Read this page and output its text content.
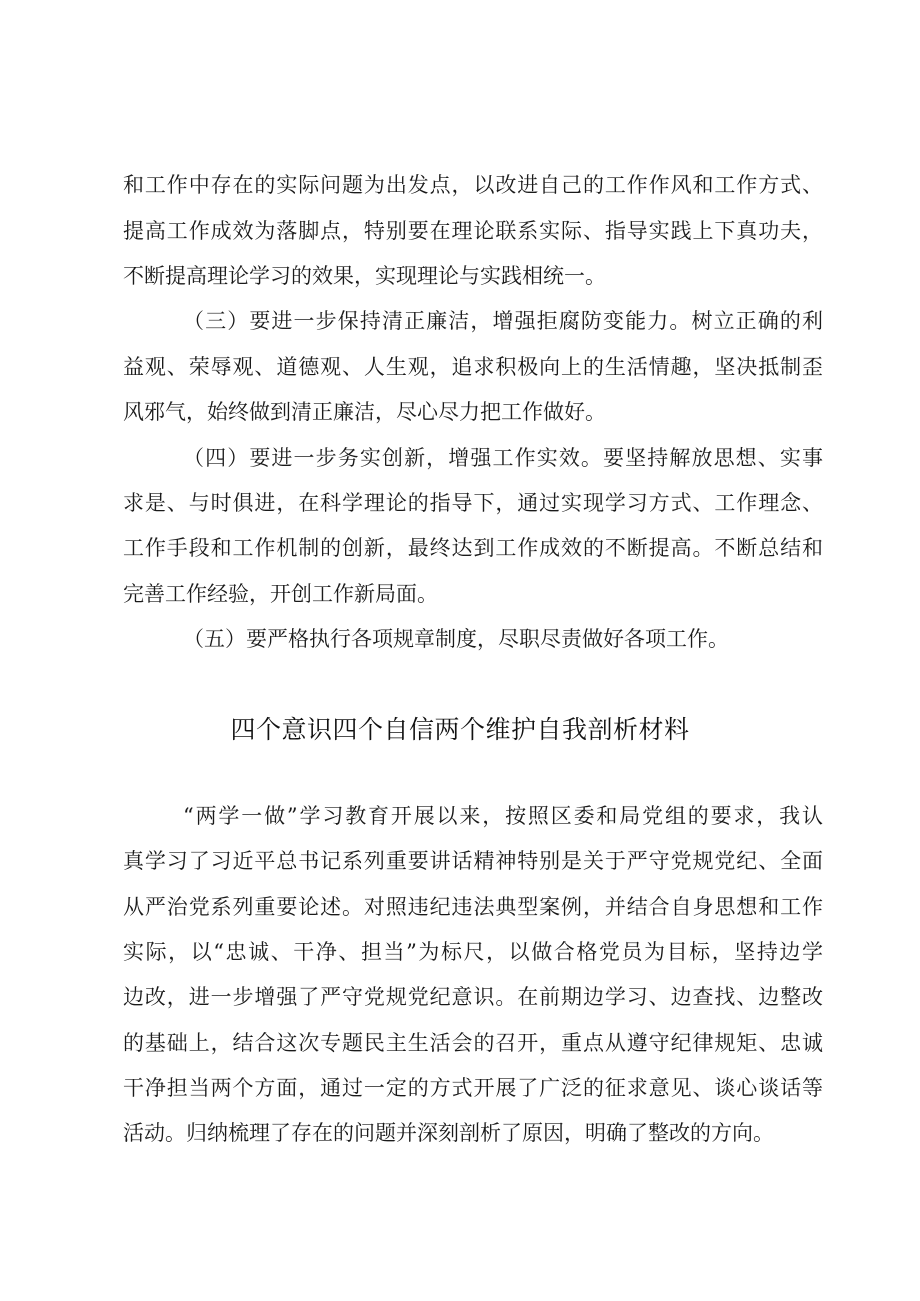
和工作中存在的实际问题为出发点，以改进自己的工作作风和工作方式、
提高工作成效为落脚点，特别要在理论联系实际、指导实践上下真功夫，
不断提高理论学习的效果，实现理论与实践相统一。
（三）要进一步保持清正廉洁，增强拒腐防变能力。树立正确的利
益观、荣辱观、道德观、人生观，追求积极向上的生活情趣，坚决抵制歪
风邪气，始终做到清正廉洁，尽心尽力把工作做好。
（四）要进一步务实创新，增强工作实效。要坚持解放思想、实事
求是、与时俱进，在科学理论的指导下，通过实现学习方式、工作理念、
工作手段和工作机制的创新，最终达到工作成效的不断提高。不断总结和
完善工作经验，开创工作新局面。
（五）要严格执行各项规章制度，尽职尽责做好各项工作。
四个意识四个自信两个维护自我剖析材料
“两学一做”学习教育开展以来，按照区委和局党组的要求，我认
真学习了习近平总书记系列重要讲话精神特别是关于严守党规党纪、全面
从严治党系列重要论述。对照违纪违法典型案例，并结合自身思想和工作
实际，以“忠诚、干净、担当”为标尺，以做合格党员为目标，坚持边学
边改，进一步增强了严守党规党纪意识。在前期边学习、边查找、边整改
的基础上，结合这次专题民主生活会的召开，重点从遵守纪律规矩、忠诚
干净担当两个方面，通过一定的方式开展了广泛的征求意见、谈心谈话等
活动。归纳梳理了存在的问题并深刻剖析了原因，明确了整改的方向。
